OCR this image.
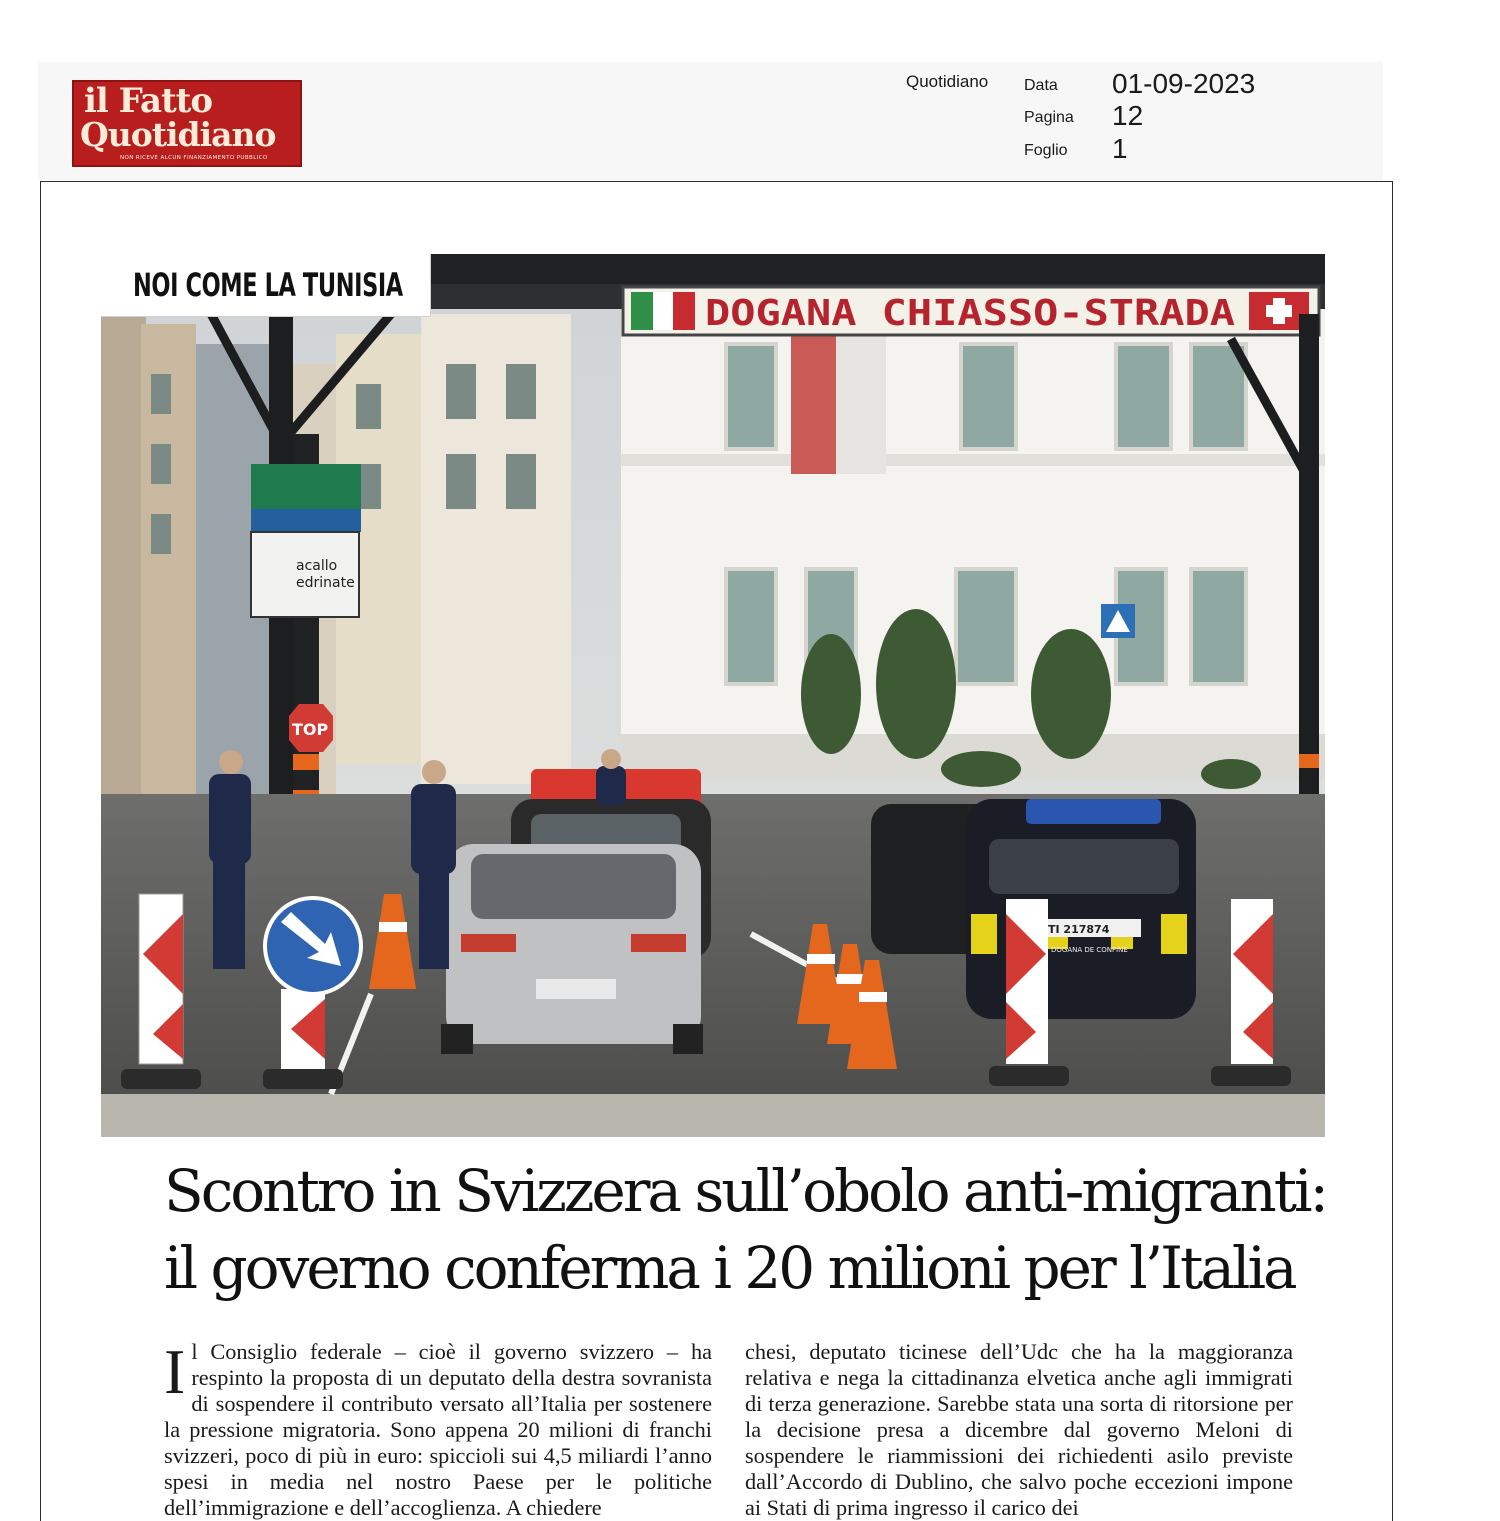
il Fatto
Quotidiano
NON RICEVE ALCUN FINANZIAMENTO PUBBLICO
Quotidiano Data 01-09-2023
Pagina 12
Foglio 1
DOGANA CHIASSO-STRADA
acallo
edrinate
TOP
TI 217874
DOGANA DE CONFINE
NOI COME LA TUNISIA
Scontro in Svizzera sull’obolo anti-migranti:
il governo conferma i 20 milioni per l’Italia

Il Consiglio federale – cioè il governo svizzero – ha respinto la proposta di un deputato della destra sovranista di sospendere il contributo versato all’Italia per sostenere la pressione migratoria. Sono appena 20 milioni di franchi svizzeri, poco di più in euro: spiccioli sui 4,5 miliardi l’anno spesi in media nel nostro Paese per le politiche dell’immigrazione e dell’accoglienza. A chiedere

chesi, deputato ticinese dell’Udc che ha la maggioranza relativa e nega la cittadinanza elvetica anche agli immigrati di terza generazione. Sarebbe stata una sorta di ritorsione per la decisione presa a dicembre dal governo Meloni di sospendere le riammissioni dei richiedenti asilo previste dall’Accordo di Dublino, che salvo poche eccezioni impone ai Stati di prima ingresso il carico dei
